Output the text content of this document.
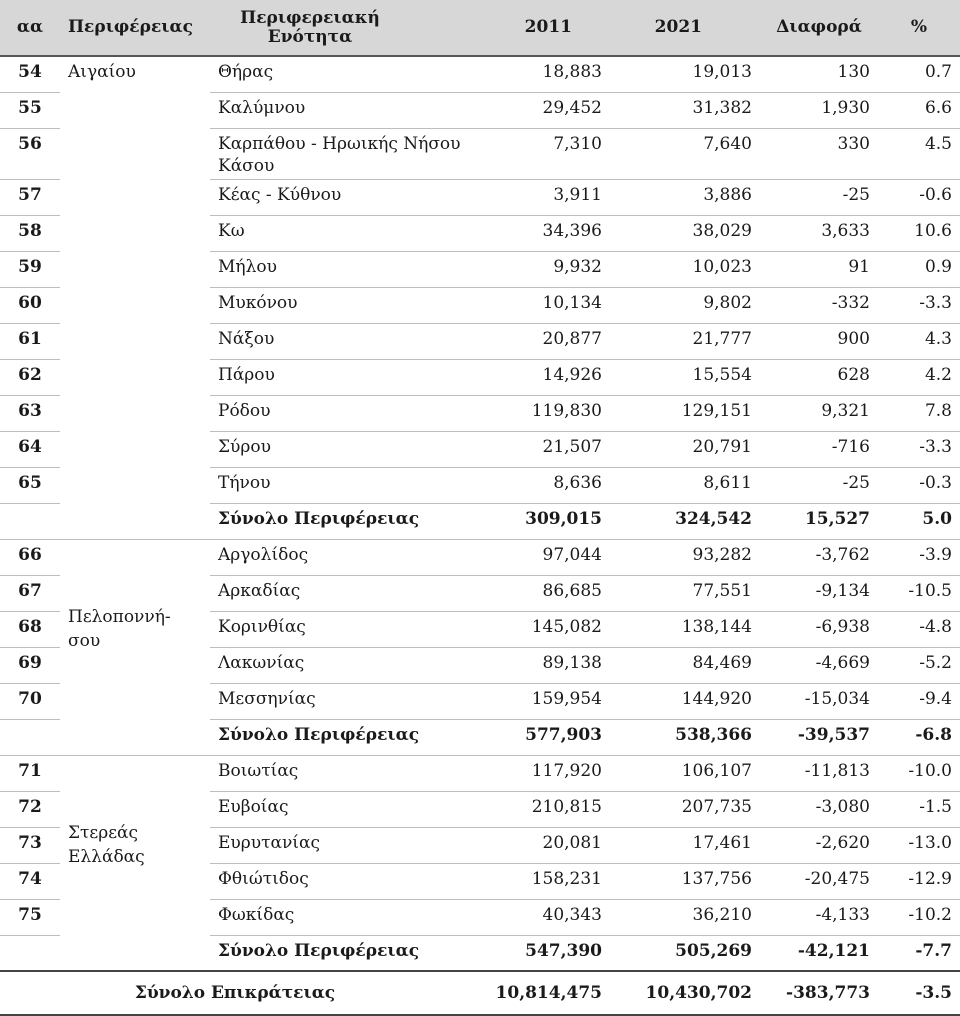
αα	Περιφέρειας	Περιφερειακή Ενότητα	2011	2021	Διαφορά	%
54	Αιγαίου	Θήρας	18,883	19,013	130	0.7
55		Καλύμνου	29,452	31,382	1,930	6.6
56		Καρπάθου - Ηρωικής Νήσου Κάσου	7,310	7,640	330	4.5
57		Κέας - Κύθνου	3,911	3,886	-25	-0.6
58		Κω	34,396	38,029	3,633	10.6
59		Μήλου	9,932	10,023	91	0.9
60		Μυκόνου	10,134	9,802	-332	-3.3
61		Νάξου	20,877	21,777	900	4.3
62		Πάρου	14,926	15,554	628	4.2
63		Ρόδου	119,830	129,151	9,321	7.8
64		Σύρου	21,507	20,791	-716	-3.3
65		Τήνου	8,636	8,611	-25	-0.3
		Σύνολο Περιφέρειας	309,015	324,542	15,527	5.0
66	Πελοποννή- σου	Αργολίδος	97,044	93,282	-3,762	-3.9
67		Αρκαδίας	86,685	77,551	-9,134	-10.5
68		Κορινθίας	145,082	138,144	-6,938	-4.8
69		Λακωνίας	89,138	84,469	-4,669	-5.2
70		Μεσσηνίας	159,954	144,920	-15,034	-9.4
		Σύνολο Περιφέρειας	577,903	538,366	-39,537	-6.8
71	Στερεάς Ελλάδας	Βοιωτίας	117,920	106,107	-11,813	-10.0
72		Ευβοίας	210,815	207,735	-3,080	-1.5
73		Ευρυτανίας	20,081	17,461	-2,620	-13.0
74		Φθιώτιδος	158,231	137,756	-20,475	-12.9
75		Φωκίδας	40,343	36,210	-4,133	-10.2
		Σύνολο Περιφέρειας	547,390	505,269	-42,121	-7.7
Σύνολο Επικράτειας			10,814,475	10,430,702	-383,773	-3.5
